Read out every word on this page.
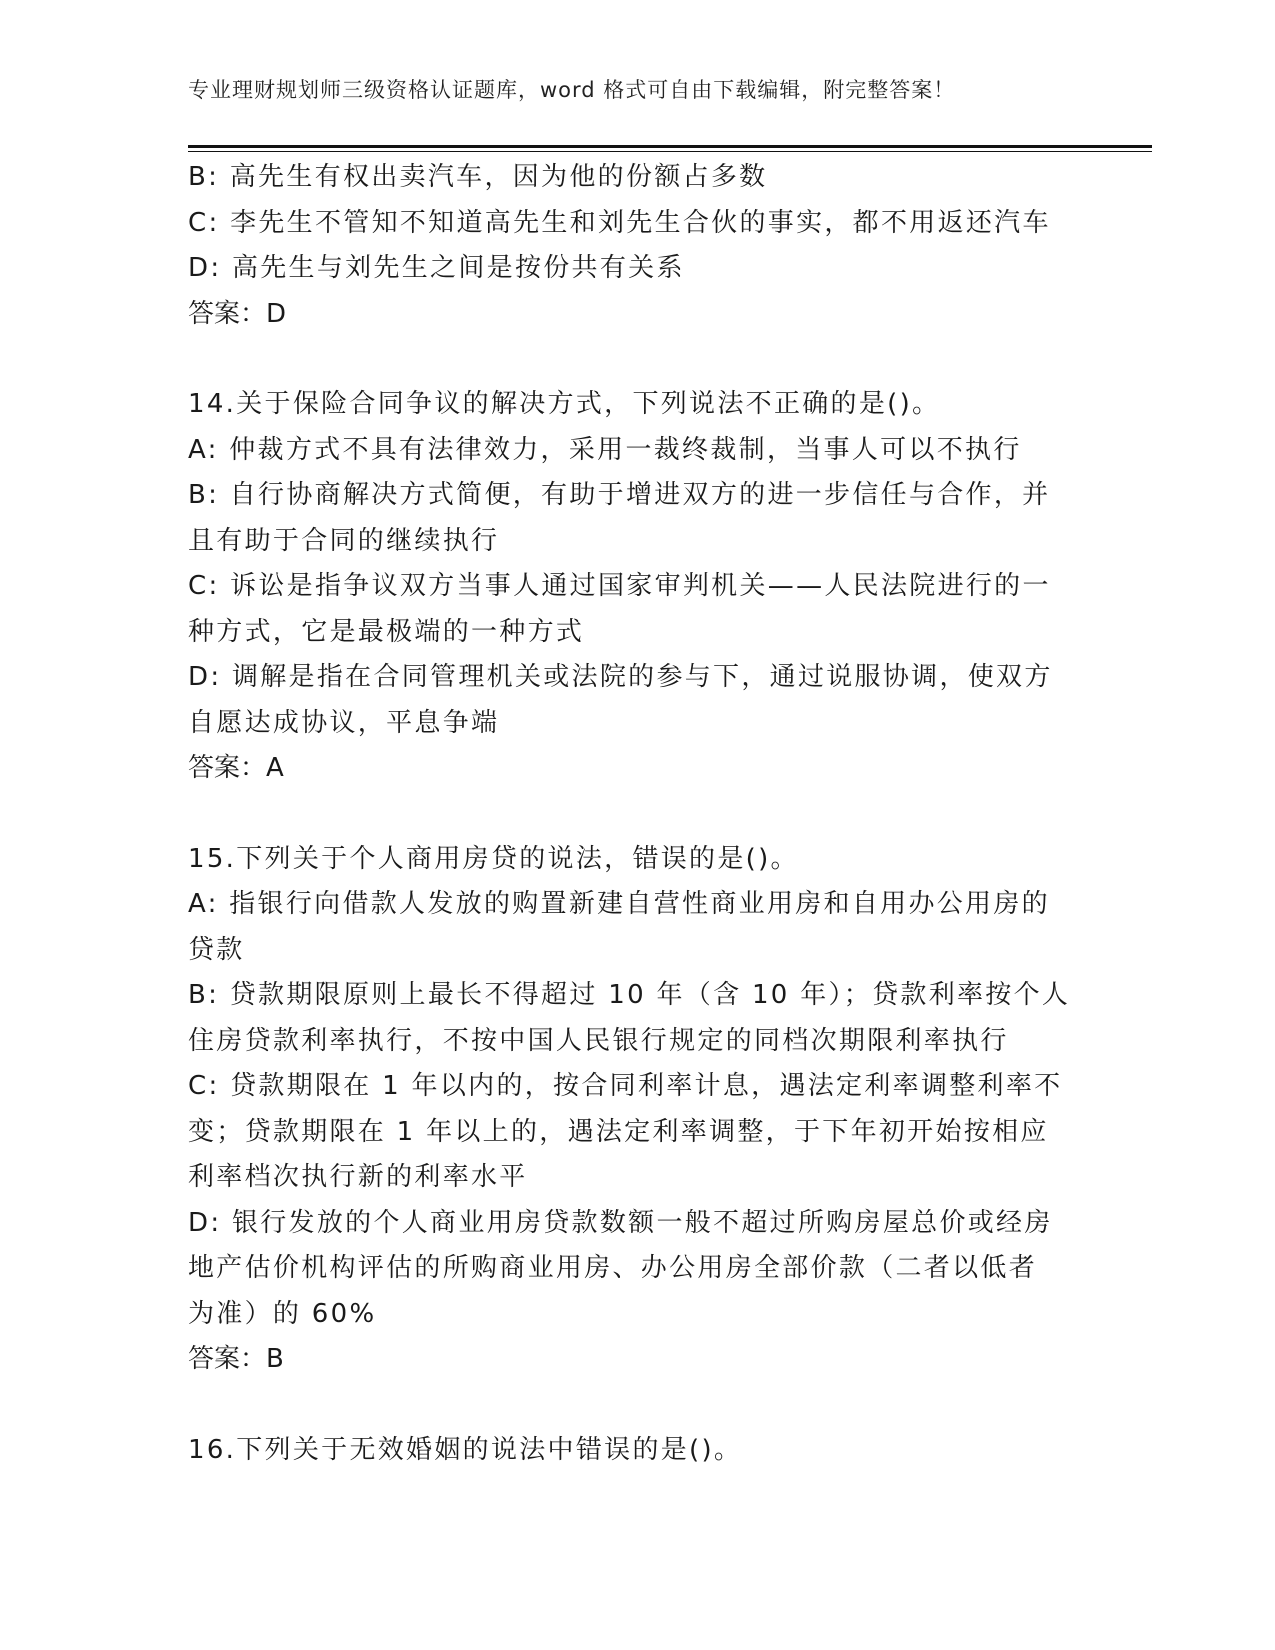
专业理财规划师三级资格认证题库，word 格式可自由下载编辑，附完整答案！
B: 高先生有权出卖汽车，因为他的份额占多数
C: 李先生不管知不知道高先生和刘先生合伙的事实，都不用返还汽车
D: 高先生与刘先生之间是按份共有关系
答案：D
14.关于保险合同争议的解决方式，下列说法不正确的是()。
A: 仲裁方式不具有法律效力，采用一裁终裁制，当事人可以不执行
B: 自行协商解决方式简便，有助于增进双方的进一步信任与合作，并
且有助于合同的继续执行
C: 诉讼是指争议双方当事人通过国家审判机关——人民法院进行的一
种方式，它是最极端的一种方式
D: 调解是指在合同管理机关或法院的参与下，通过说服协调，使双方
自愿达成协议，平息争端
答案：A
15.下列关于个人商用房贷的说法，错误的是()。
A: 指银行向借款人发放的购置新建自营性商业用房和自用办公用房的
贷款
B: 贷款期限原则上最长不得超过 10 年（含 10 年）；贷款利率按个人
住房贷款利率执行，不按中国人民银行规定的同档次期限利率执行
C: 贷款期限在 1 年以内的，按合同利率计息，遇法定利率调整利率不
变；贷款期限在 1 年以上的，遇法定利率调整，于下年初开始按相应
利率档次执行新的利率水平
D: 银行发放的个人商业用房贷款数额一般不超过所购房屋总价或经房
地产估价机构评估的所购商业用房、办公用房全部价款（二者以低者
为准）的 60%
答案：B
16.下列关于无效婚姻的说法中错误的是()。
